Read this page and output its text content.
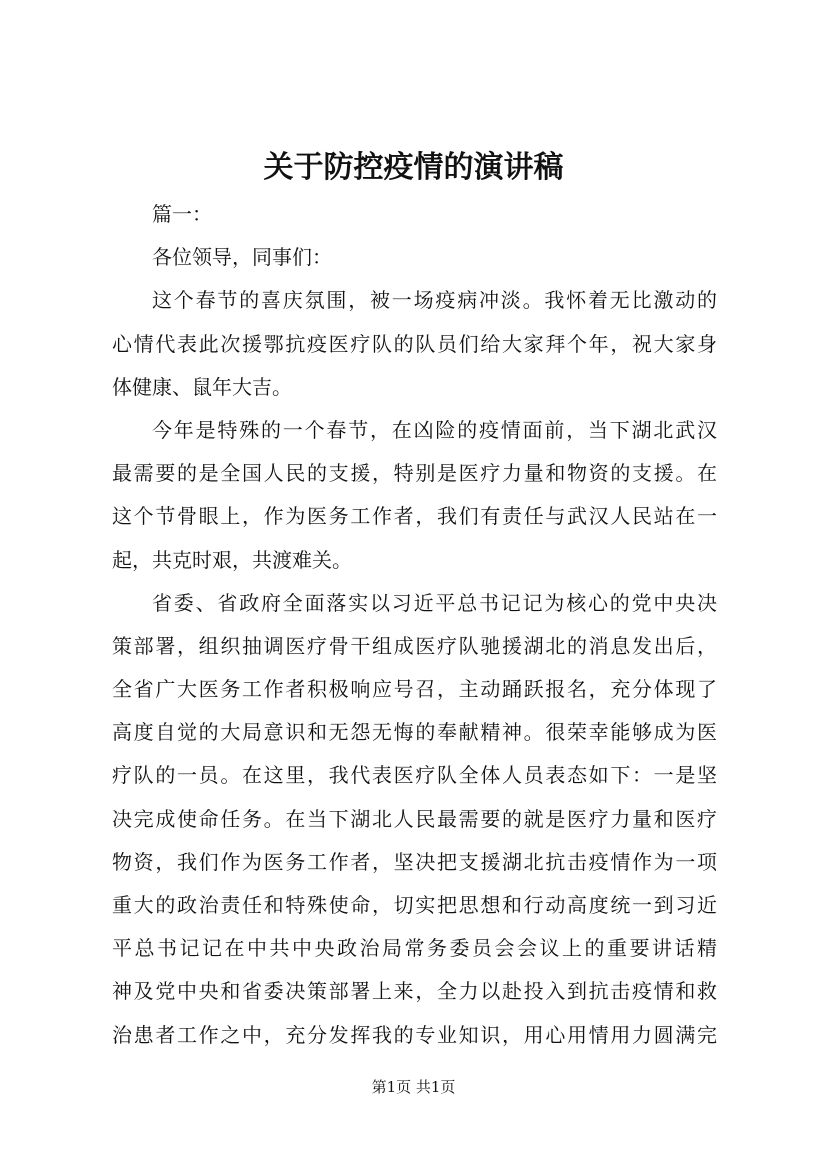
关于防控疫情的演讲稿
篇一：
各位领导，同事们：
这个春节的喜庆氛围，被一场疫病冲淡。我怀着无比激动的
心情代表此次援鄂抗疫医疗队的队员们给大家拜个年，祝大家身
体健康、鼠年大吉。
今年是特殊的一个春节，在凶险的疫情面前，当下湖北武汉
最需要的是全国人民的支援，特别是医疗力量和物资的支援。在
这个节骨眼上，作为医务工作者，我们有责任与武汉人民站在一
起，共克时艰，共渡难关。
省委、省政府全面落实以习近平总书记记为核心的党中央决
策部署，组织抽调医疗骨干组成医疗队驰援湖北的消息发出后，
全省广大医务工作者积极响应号召，主动踊跃报名，充分体现了
高度自觉的大局意识和无怨无悔的奉献精神。很荣幸能够成为医
疗队的一员。在这里，我代表医疗队全体人员表态如下：一是坚
决完成使命任务。在当下湖北人民最需要的就是医疗力量和医疗
物资，我们作为医务工作者，坚决把支援湖北抗击疫情作为一项
重大的政治责任和特殊使命，切实把思想和行动高度统一到习近
平总书记记在中共中央政治局常务委员会会议上的重要讲话精
神及党中央和省委决策部署上来，全力以赴投入到抗击疫情和救
治患者工作之中，充分发挥我的专业知识，用心用情用力圆满完
第1页 共1页
